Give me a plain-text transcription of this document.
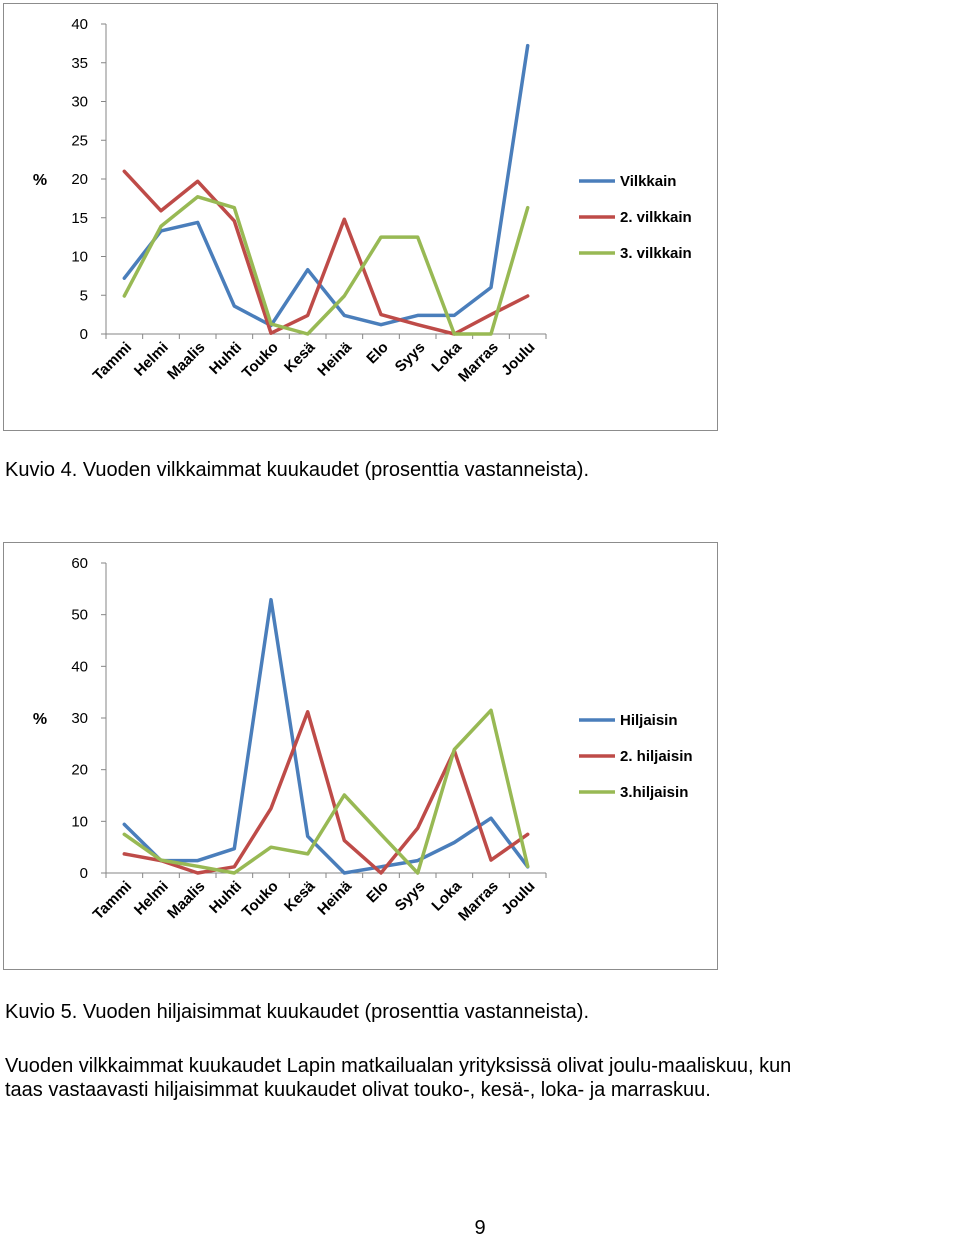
0
5
10
15
20
25
30
35
40
%
Tammi
Helmi
Maalis
Huhti
Touko Kesä
Heinä Elo Syys Loka
Marras
Joulu
Vilkkain
2. vilkkain
3. vilkkain
Kuvio 4. Vuoden vilkkaimmat kuukaudet (prosenttia vastanneista).
0
10
20
30
40
50
60
%
Tammi
Helmi
Maalis
Huhti
Touko Kesä
Heinä Elo Syys Loka
Marras
Joulu
Hiljaisin
2. hiljaisin
3.hiljaisin
Kuvio 5. Vuoden hiljaisimmat kuukaudet (prosenttia vastanneista).

Vuoden vilkkaimmat kuukaudet Lapin matkailualan yrityksissä olivat joulu-maaliskuu, kun

taas vastaavasti hiljaisimmat kuukaudet olivat touko-, kesä-, loka- ja marraskuu.

9
